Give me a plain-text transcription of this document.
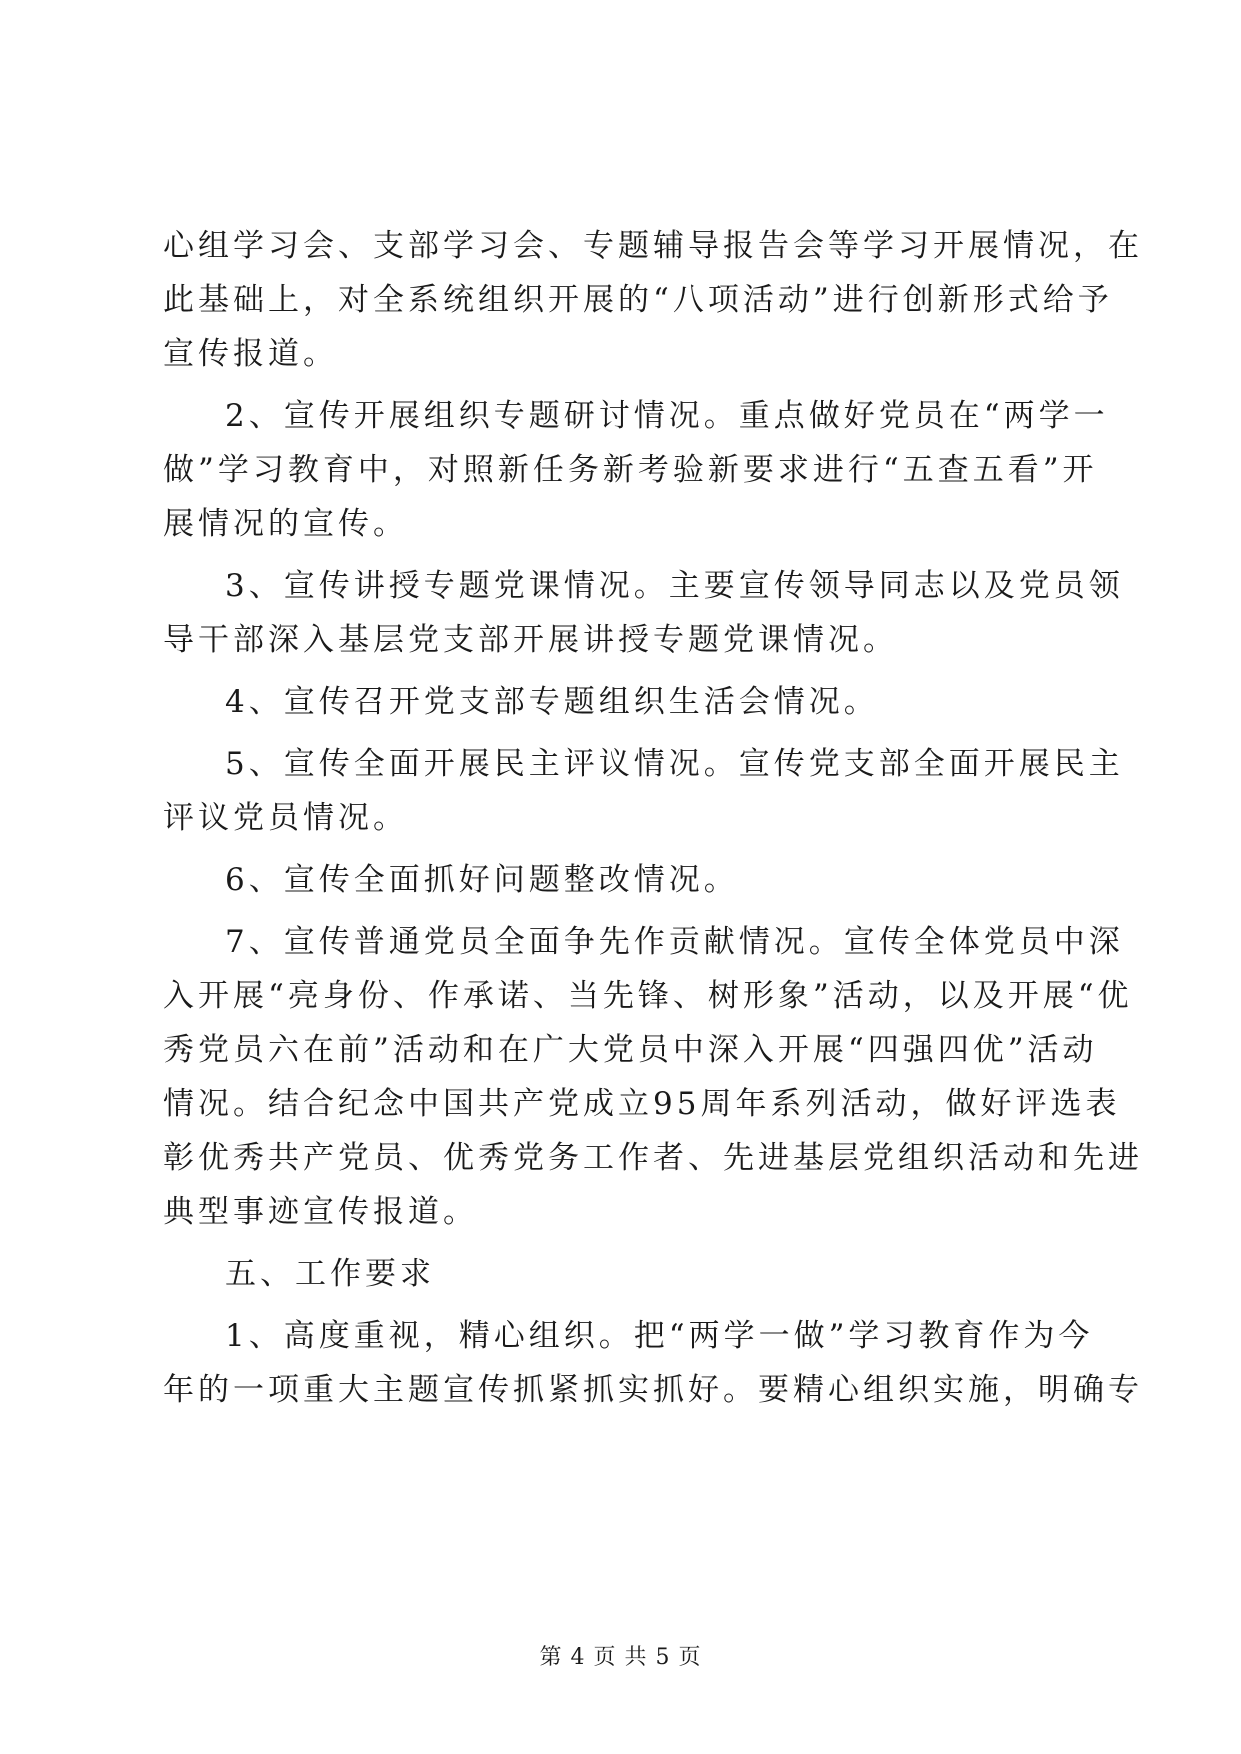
心组学习会、支部学习会、专题辅导报告会等学习开展情况，在
此基础上，对全系统组织开展的“八项活动”进行创新形式给予
宣传报道。
2、宣传开展组织专题研讨情况。重点做好党员在“两学一
做”学习教育中，对照新任务新考验新要求进行“五查五看”开
展情况的宣传。
3、宣传讲授专题党课情况。主要宣传领导同志以及党员领
导干部深入基层党支部开展讲授专题党课情况。
4、宣传召开党支部专题组织生活会情况。
5、宣传全面开展民主评议情况。宣传党支部全面开展民主
评议党员情况。
6、宣传全面抓好问题整改情况。
7、宣传普通党员全面争先作贡献情况。宣传全体党员中深
入开展“亮身份、作承诺、当先锋、树形象”活动，以及开展“优
秀党员六在前”活动和在广大党员中深入开展“四强四优”活动
情况。结合纪念中国共产党成立95周年系列活动，做好评选表
彰优秀共产党员、优秀党务工作者、先进基层党组织活动和先进
典型事迹宣传报道。
五、工作要求
1、高度重视，精心组织。把“两学一做”学习教育作为今
年的一项重大主题宣传抓紧抓实抓好。要精心组织实施，明确专
第 4 页 共 5 页
